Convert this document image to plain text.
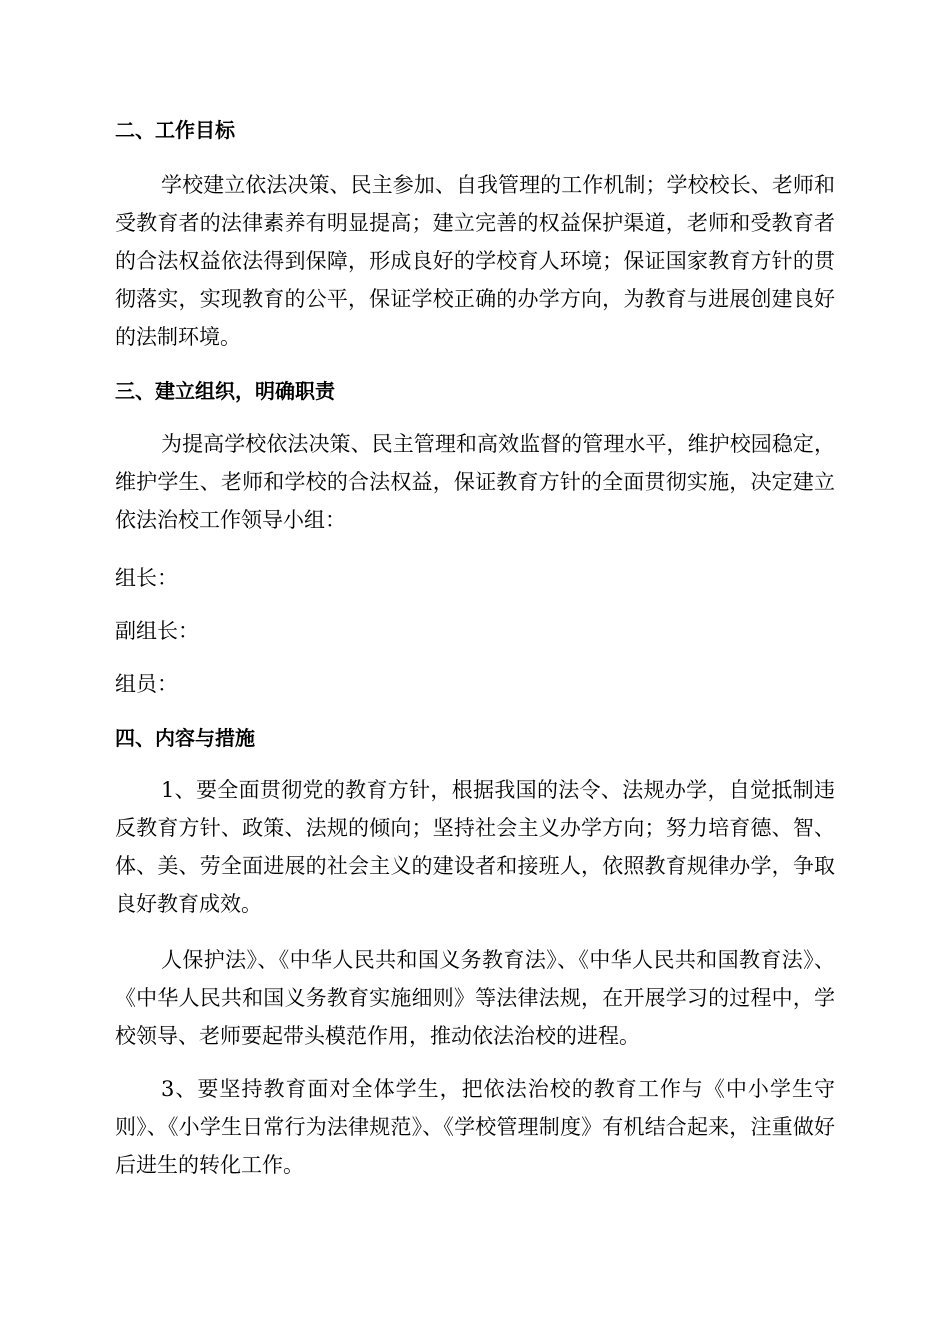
二、工作目标

学校建立依法决策、民主参加、自我管理的工作机制；学校校长、老师和受教育者的法律素养有明显提高；建立完善的权益保护渠道，老师和受教育者的合法权益依法得到保障，形成良好的学校育人环境；保证国家教育方针的贯彻落实，实现教育的公平，保证学校正确的办学方向，为教育与进展创建良好的法制环境。

三、建立组织，明确职责

为提高学校依法决策、民主管理和高效监督的管理水平，维护校园稳定，维护学生、老师和学校的合法权益，保证教育方针的全面贯彻实施，决定建立依法治校工作领导小组：

组长：
副组长：
组员：
四、内容与措施

1、要全面贯彻党的教育方针，根据我国的法令、法规办学，自觉抵制违反教育方针、政策、法规的倾向；坚持社会主义办学方向；努力培育德、智、体、美、劳全面进展的社会主义的建设者和接班人，依照教育规律办学，争取良好教育成效。

人保护法》、《中华人民共和国义务教育法》、《中华人民共和国教育法》、《中华人民共和国义务教育实施细则》等法律法规，在开展学习的过程中，学校领导、老师要起带头模范作用，推动依法治校的进程。

3、要坚持教育面对全体学生，把依法治校的教育工作与《中小学生守则》、《小学生日常行为法律规范》、《学校管理制度》有机结合起来，注重做好后进生的转化工作。
